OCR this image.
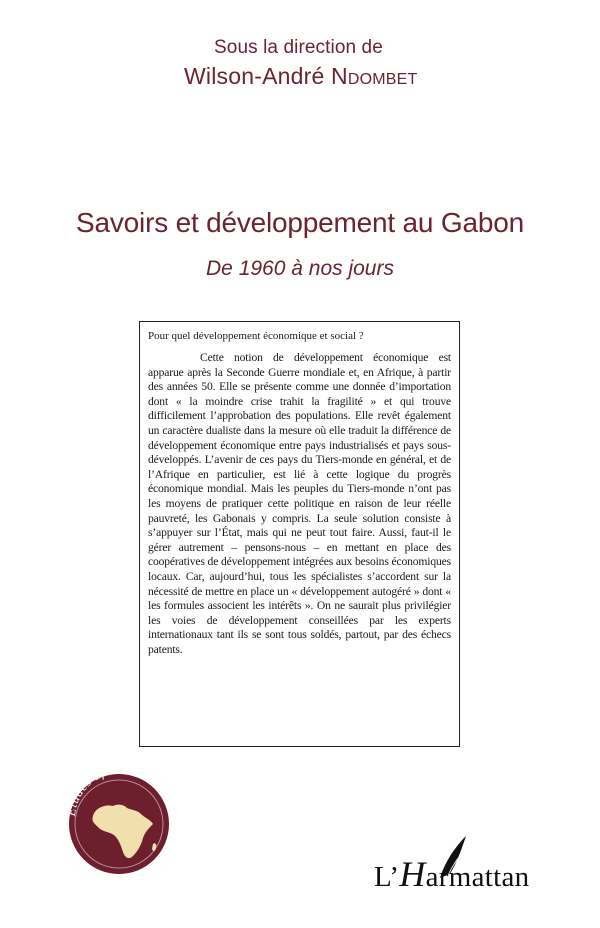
Sous la direction de
Wilson-André Ndombet
Savoirs et développement au Gabon
De 1960 à nos jours

Pour quel développement économique et social ?

Cette notion de développement économique est apparue après la Seconde Guerre mondiale et, en Afrique, à partir des années 50. Elle se présente comme une donnée d’importation dont « la moindre crise trahit la fragilité » et qui trouve difficilement l’approbation des populations. Elle revêt également un caractère dualiste dans la mesure où elle traduit la différence de développement économique entre pays industrialisés et pays sous-développés. L’avenir de ces pays du Tiers-monde en général, et de l’Afrique en particulier, est lié à cette logique du progrès économique mondial. Mais les peuples du Tiers-monde n’ont pas les moyens de pratiquer cette politique en raison de leur réelle pauvreté, les Gabonais y compris. La seule solution consiste à s’appuyer sur l’État, mais qui ne peut tout faire. Aussi, faut-il le gérer autrement – pensons-nous – en mettant en place des coopératives de développement intégrées aux besoins économiques locaux. Car, aujourd’hui, tous les spécialistes s’accordent sur la nécessité de mettre en place un « développement autogéré » dont « les formules associent les intérêts ». On ne saurait plus privilégier les voies de développement conseillées par les experts internationaux tant ils se sont tous soldés, partout, par des échecs patents.

Études africaines
L’Harmattan
